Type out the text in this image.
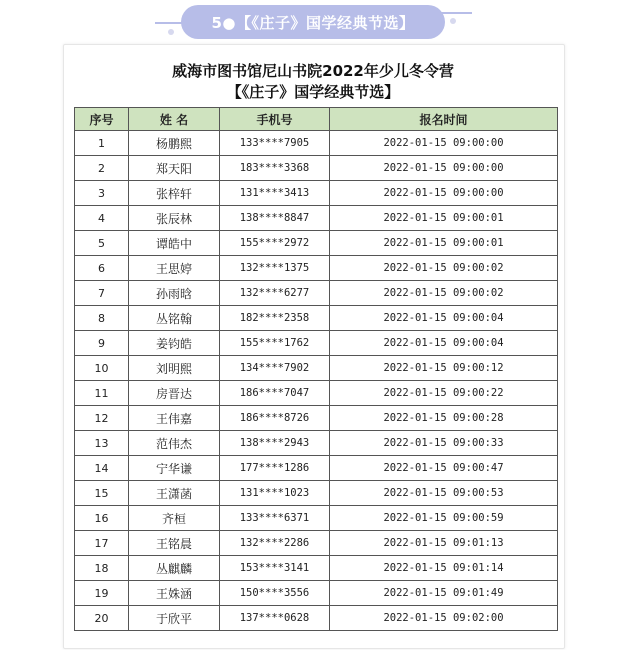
5●【《庄子》国学经典节选】
威海市图书馆尼山书院2022年少儿冬令营
【《庄子》国学经典节选】
序号	姓 名	手机号	报名时间
1	杨鹏熙	133****7905	2022-01-15 09:00:00
2	郑天阳	183****3368	2022-01-15 09:00:00
3	张梓轩	131****3413	2022-01-15 09:00:00
4	张辰林	138****8847	2022-01-15 09:00:01
5	谭皓中	155****2972	2022-01-15 09:00:01
6	王思婷	132****1375	2022-01-15 09:00:02
7	孙雨晗	132****6277	2022-01-15 09:00:02
8	丛铭翰	182****2358	2022-01-15 09:00:04
9	姜钧皓	155****1762	2022-01-15 09:00:04
10	刘明熙	134****7902	2022-01-15 09:00:12
11	房晋达	186****7047	2022-01-15 09:00:22
12	王伟嘉	186****8726	2022-01-15 09:00:28
13	范伟杰	138****2943	2022-01-15 09:00:33
14	宁华谦	177****1286	2022-01-15 09:00:47
15	王潇菡	131****1023	2022-01-15 09:00:53
16	齐桓	133****6371	2022-01-15 09:00:59
17	王铭晨	132****2286	2022-01-15 09:01:13
18	丛麒麟	153****3141	2022-01-15 09:01:14
19	王姝涵	150****3556	2022-01-15 09:01:49
20	于欣平	137****0628	2022-01-15 09:02:00
